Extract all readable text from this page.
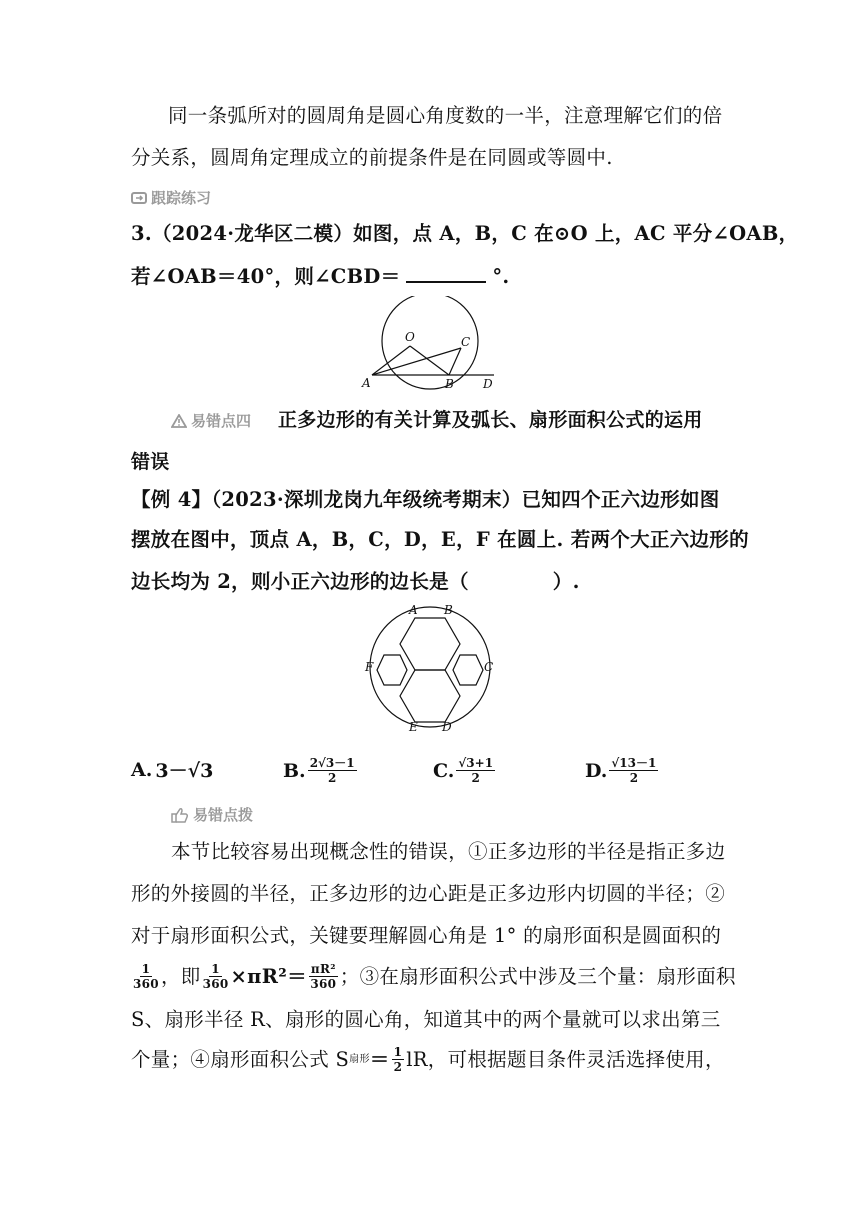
同一条弧所对的圆周角是圆心角度数的一半，注意理解它们的倍
分关系，圆周角定理成立的前提条件是在同圆或等圆中.
跟踪练习
3.（2024·龙华区二模）如图，点 A，B，C 在⊙O 上，AC 平分∠OAB，
若∠OAB＝40°，则∠CBD＝	°.
O
A	B
C
D
易错点四 正多边形的有关计算及弧长、扇形面积公式的运用
错误
【例 4】（2023·深圳龙岗九年级统考期末）已知四个正六边形如图
摆放在图中，顶点 A，B，C，D，E，F 在圆上. 若两个大正六边形的
边长均为 2，则小正六边形的边长是（	）.
A B
C
D
E
F
A. 3－√3	B. $\frac{2√3-1}{2}$	C. $\frac{√3+1}{2}$	D. $\frac{√13-1}{2}$
易错点拨
本节比较容易出现概念性的错误，①正多边形的半径是指正多边
形的外接圆的半径，正多边形的边心距是正多边形内切圆的半径；②
对于扇形面积公式，关键要理解圆心角是 1° 的扇形面积是圆面积的
$\frac{1}{360}$ ，即 $\frac{1}{360} \times\pi R^2= \frac{\text{πR²}}{360}$ ；③在扇形面积公式中涉及三个量：扇形面积
S、扇形半径 R、扇形的圆心角，知道其中的两个量就可以求出第三
个量；④扇形面积公式 S 扇形 ＝ $\frac{1}{2}$ lR，可根据题目条件灵活选择使用，
